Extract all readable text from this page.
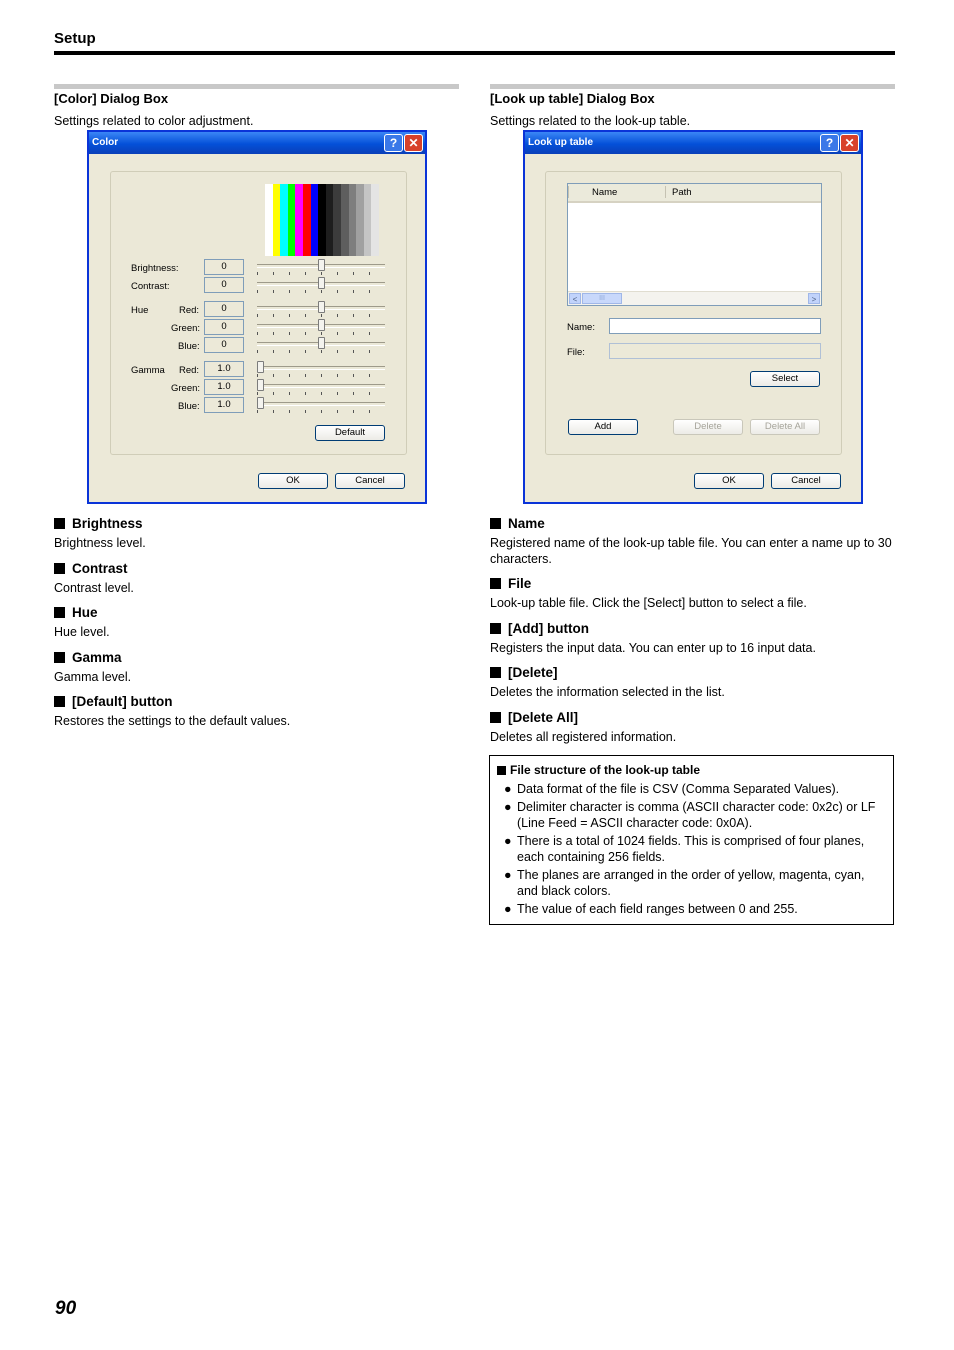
Setup
[Color] Dialog Box
Settings related to color adjustment.
Color	? ✕
Brightness:	0
Contrast:	0
Hue	Red:	0
Green:	0
Blue:	0
Gamma Red:	1.0
Green:	1.0
Blue:	1.0
Default
OK	Cancel
Brightness
Brightness level.
Contrast
Contrast level.
Hue
Hue level.
Gamma
Gamma level.
[Default] button
Restores the settings to the default values.
[Look up table] Dialog Box
Settings related to the look-up table.
Look up table	? ✕
Name	Path
<	III	>
Name:
File:
Select
Add	Delete	Delete All
OK	Cancel
Name
Registered name of the look-up table file. You can enter a name up to 30 characters.
File
Look-up table file. Click the [Select] button to select a file.
[Add] button
Registers the input data. You can enter up to 16 input data.
[Delete]
Deletes the information selected in the list.
[Delete All]
Deletes all registered information.
File structure of the look-up table
● Data format of the file is CSV (Comma Separated Values).
● Delimiter character is comma (ASCII character code: 0x2c) or LF (Line Feed = ASCII character code: 0x0A).
● There is a total of 1024 fields. This is comprised of four planes, each containing 256 fields.
● The planes are arranged in the order of yellow, magenta, cyan, and black colors.
● The value of each field ranges between 0 and 255.
90
